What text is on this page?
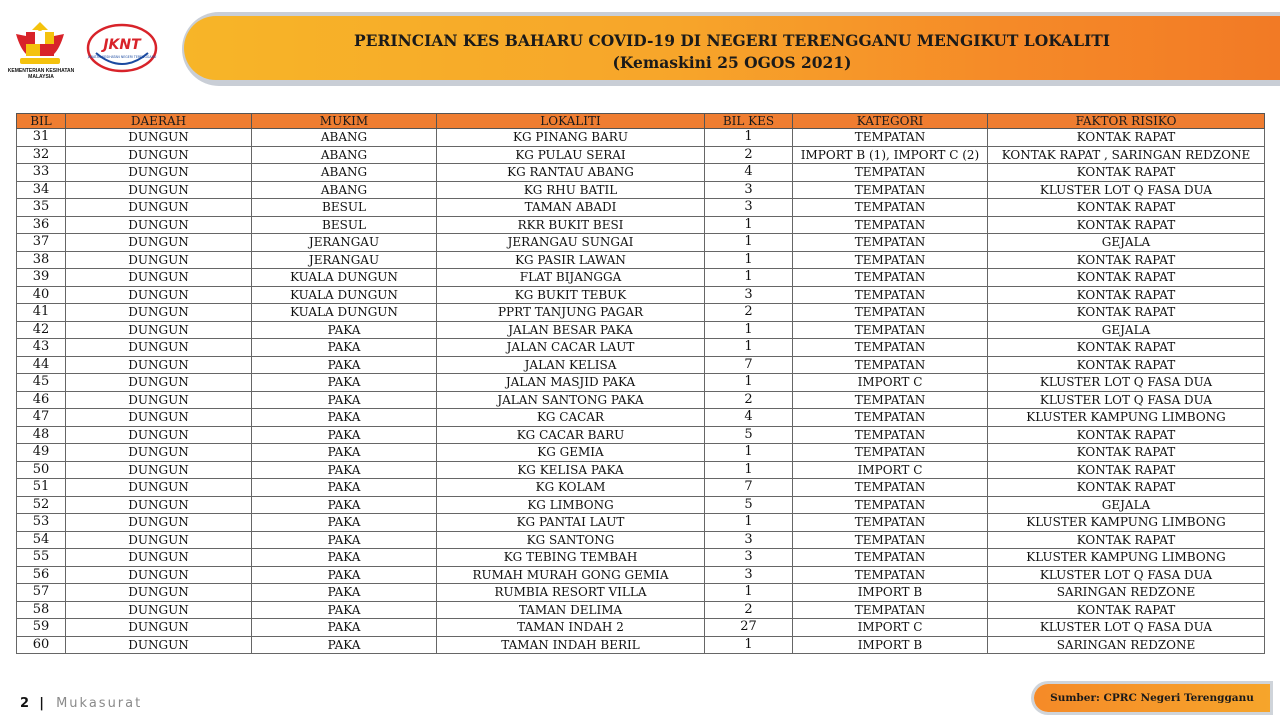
KEMENTERIAN KESIHATAN MALAYSIA
JKNT
JABATAN KESIHATAN NEGERI TERENGGANU
PERINCIAN KES BAHARU COVID-19 DI NEGERI TERENGGANU MENGIKUT LOKALITI
(Kemaskini 25 OGOS 2021)
BIL	DAERAH	MUKIM	LOKALITI	BIL KES	KATEGORI	FAKTOR RISIKO
31	DUNGUN	ABANG	KG PINANG BARU	1	TEMPATAN	KONTAK RAPAT
32	DUNGUN	ABANG	KG PULAU SERAI	2	IMPORT B (1), IMPORT C (2)	KONTAK RAPAT , SARINGAN REDZONE
33	DUNGUN	ABANG	KG RANTAU ABANG	4	TEMPATAN	KONTAK RAPAT
34	DUNGUN	ABANG	KG RHU BATIL	3	TEMPATAN	KLUSTER LOT Q FASA DUA
35	DUNGUN	BESUL	TAMAN ABADI	3	TEMPATAN	KONTAK RAPAT
36	DUNGUN	BESUL	RKR BUKIT BESI	1	TEMPATAN	KONTAK RAPAT
37	DUNGUN	JERANGAU	JERANGAU SUNGAI	1	TEMPATAN	GEJALA
38	DUNGUN	JERANGAU	KG PASIR LAWAN	1	TEMPATAN	KONTAK RAPAT
39	DUNGUN	KUALA DUNGUN	FLAT BIJANGGA	1	TEMPATAN	KONTAK RAPAT
40	DUNGUN	KUALA DUNGUN	KG BUKIT TEBUK	3	TEMPATAN	KONTAK RAPAT
41	DUNGUN	KUALA DUNGUN	PPRT TANJUNG PAGAR	2	TEMPATAN	KONTAK RAPAT
42	DUNGUN	PAKA	JALAN BESAR PAKA	1	TEMPATAN	GEJALA
43	DUNGUN	PAKA	JALAN CACAR LAUT	1	TEMPATAN	KONTAK RAPAT
44	DUNGUN	PAKA	JALAN KELISA	7	TEMPATAN	KONTAK RAPAT
45	DUNGUN	PAKA	JALAN MASJID PAKA	1	IMPORT C	KLUSTER LOT Q FASA DUA
46	DUNGUN	PAKA	JALAN SANTONG PAKA	2	TEMPATAN	KLUSTER LOT Q FASA DUA
47	DUNGUN	PAKA	KG CACAR	4	TEMPATAN	KLUSTER KAMPUNG LIMBONG
48	DUNGUN	PAKA	KG CACAR BARU	5	TEMPATAN	KONTAK RAPAT
49	DUNGUN	PAKA	KG GEMIA	1	TEMPATAN	KONTAK RAPAT
50	DUNGUN	PAKA	KG KELISA PAKA	1	IMPORT C	KONTAK RAPAT
51	DUNGUN	PAKA	KG KOLAM	7	TEMPATAN	KONTAK RAPAT
52	DUNGUN	PAKA	KG LIMBONG	5	TEMPATAN	GEJALA
53	DUNGUN	PAKA	KG PANTAI LAUT	1	TEMPATAN	KLUSTER KAMPUNG LIMBONG
54	DUNGUN	PAKA	KG SANTONG	3	TEMPATAN	KONTAK RAPAT
55	DUNGUN	PAKA	KG TEBING TEMBAH	3	TEMPATAN	KLUSTER KAMPUNG LIMBONG
56	DUNGUN	PAKA	RUMAH MURAH GONG GEMIA	3	TEMPATAN	KLUSTER LOT Q FASA DUA
57	DUNGUN	PAKA	RUMBIA RESORT VILLA	1	IMPORT B	SARINGAN REDZONE
58	DUNGUN	PAKA	TAMAN DELIMA	2	TEMPATAN	KONTAK RAPAT
59	DUNGUN	PAKA	TAMAN INDAH 2	27	IMPORT C	KLUSTER LOT Q FASA DUA
60	DUNGUN	PAKA	TAMAN INDAH BERIL	1	IMPORT B	SARINGAN REDZONE
2 | Mukasurat	Sumber: CPRC Negeri Terengganu
